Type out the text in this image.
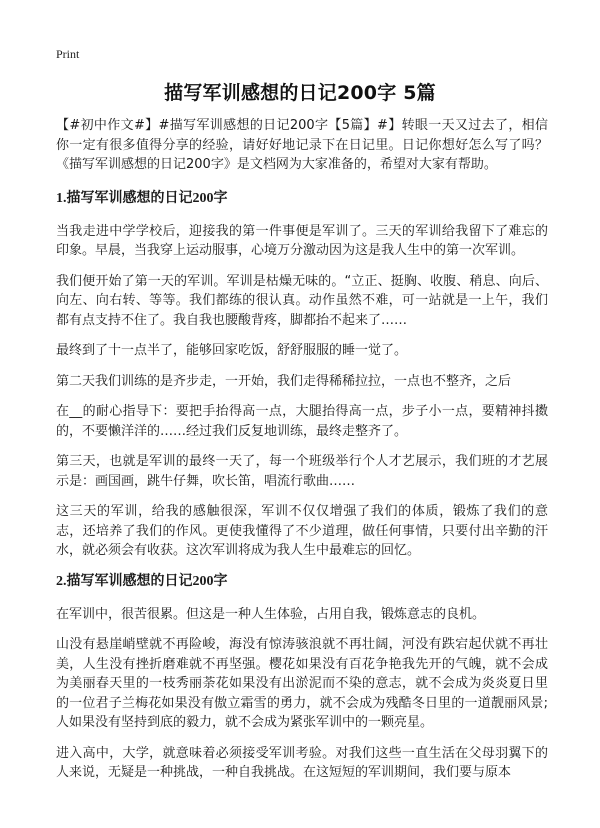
Print
描写军训感想的日记200字 5篇

【#初中作文#】#描写军训感想的日记200字【5篇】#】转眼一天又过去了，相信你一定有很多值得分享的经验，请好好地记录下在日记里。日记你想好怎么写了吗？《描写军训感想的日记200字》是文档网为大家准备的，希望对大家有帮助。

1.描写军训感想的日记200字

当我走进中学学校后，迎接我的第一件事便是军训了。三天的军训给我留下了难忘的印象。早晨，当我穿上运动服事，心境万分激动因为这是我人生中的第一次军训。

我们便开始了第一天的军训。军训是枯燥无味的。“立正、挺胸、收腹、稍息、向后、向左、向右转、等等。我们都练的很认真。动作虽然不难，可一站就是一上午，我们都有点支持不住了。我自我也腰酸背疼，脚都抬不起来了……

最终到了十一点半了，能够回家吃饭，舒舒服服的睡一觉了。

第二天我们训练的是齐步走，一开始，我们走得稀稀拉拉，一点也不整齐，之后

在__的耐心指导下：要把手抬得高一点，大腿抬得高一点，步子小一点，要精神抖擞的，不要懒洋洋的……经过我们反复地训练，最终走整齐了。

第三天，也就是军训的最终一天了，每一个班级举行个人才艺展示，我们班的才艺展示是：画国画，跳牛仔舞，吹长笛，唱流行歌曲……

这三天的军训，给我的感触很深，军训不仅仅增强了我们的体质，锻炼了我们的意志，还培养了我们的作风。更使我懂得了不少道理，做任何事情，只要付出辛勤的汗水，就必须会有收获。这次军训将成为我人生中最难忘的回忆。

2.描写军训感想的日记200字

在军训中，很苦很累。但这是一种人生体验，占用自我，锻炼意志的良机。

山没有悬崖峭壁就不再险峻，海没有惊涛骇浪就不再壮阔，河没有跌宕起伏就不再壮美，人生没有挫折磨难就不再坚强。樱花如果没有百花争艳我先开的气魄，就不会成为美丽春天里的一枝秀丽荼花如果没有出淤泥而不染的意志，就不会成为炎炎夏日里的一位君子兰梅花如果没有傲立霜雪的勇力，就不会成为残酷冬日里的一道靓丽风景;人如果没有坚持到底的毅力，就不会成为紧张军训中的一颗亮星。

进入高中，大学，就意味着必须接受军训考验。对我们这些一直生活在父母羽翼下的人来说，无疑是一种挑战，一种自我挑战。在这短短的军训期间，我们要与原本
